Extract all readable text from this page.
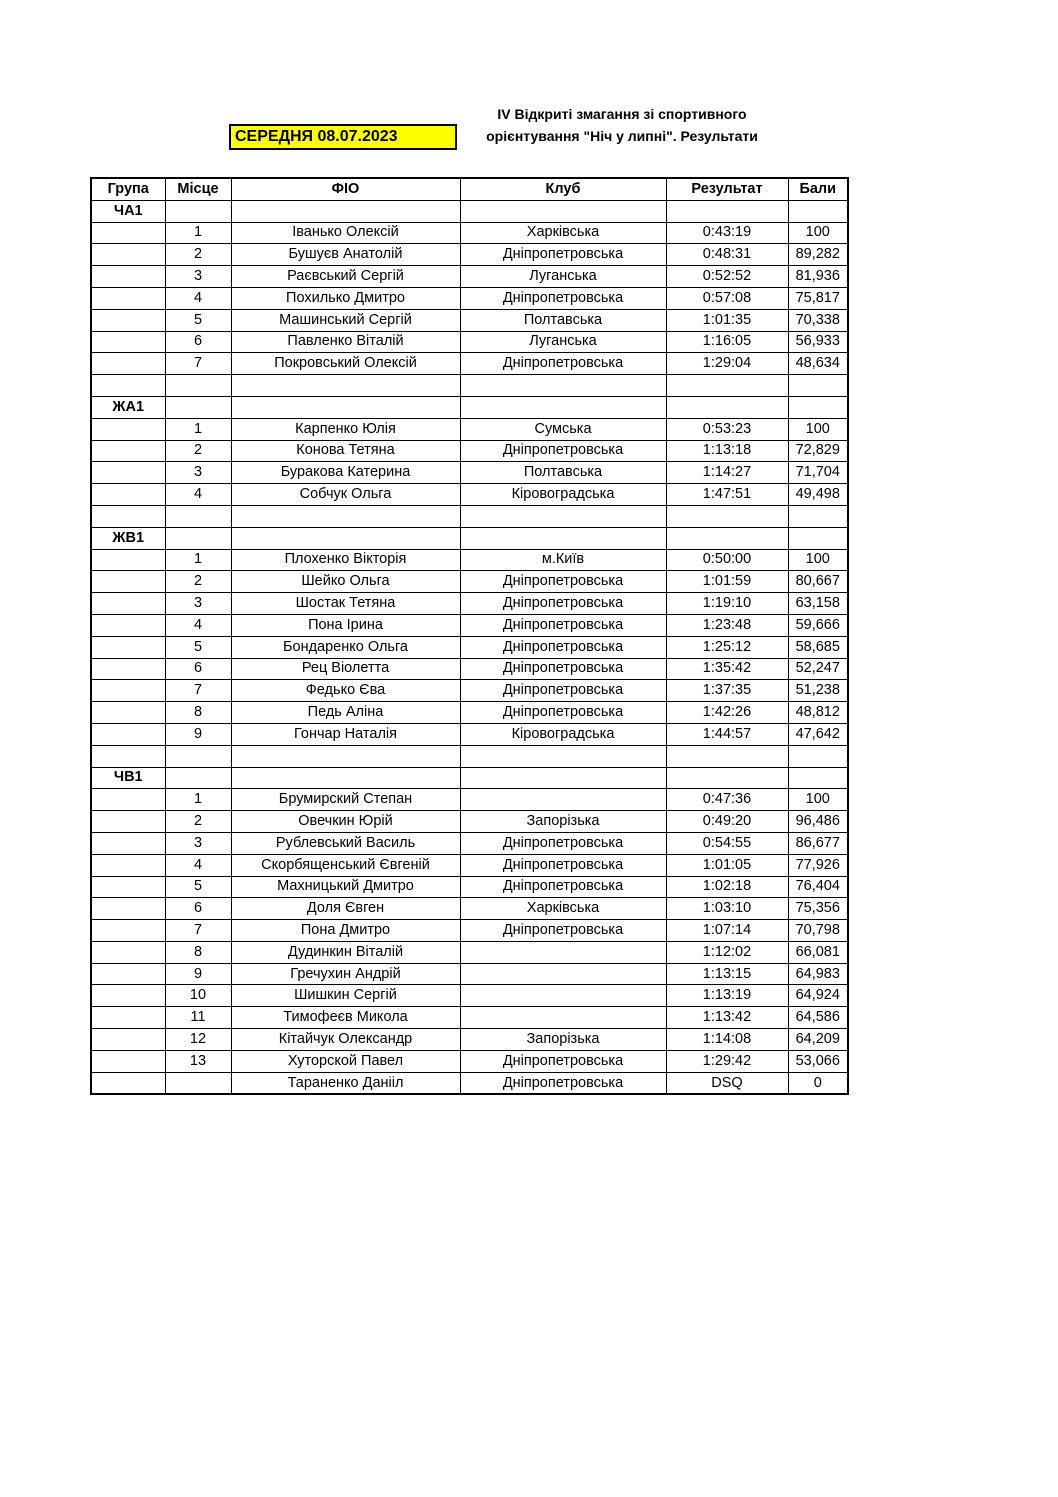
СЕРЕДНЯ 08.07.2023
IV Відкриті змагання зі спортивного
орієнтування "Ніч у липні". Результати
Група	Місце	ФІО	Клуб	Результат	Бали
ЧА1					
	1	Іванько Олексій	Харківська	0:43:19	100
	2	Бушуєв Анатолій	Дніпропетровська	0:48:31	89,282
	3	Раєвський Сергій	Луганська	0:52:52	81,936
	4	Похилько Дмитро	Дніпропетровська	0:57:08	75,817
	5	Машинський Сергій	Полтавська	1:01:35	70,338
	6	Павленко Віталій	Луганська	1:16:05	56,933
	7	Покровський Олексій	Дніпропетровська	1:29:04	48,634

ЖА1					
	1	Карпенко Юлія	Сумська	0:53:23	100
	2	Конова Тетяна	Дніпропетровська	1:13:18	72,829
	3	Буракова Катерина	Полтавська	1:14:27	71,704
	4	Собчук Ольга	Кіровоградська	1:47:51	49,498

ЖВ1					
	1	Плохенко Вікторія	м.Київ	0:50:00	100
	2	Шейко Ольга	Дніпропетровська	1:01:59	80,667
	3	Шостак Тетяна	Дніпропетровська	1:19:10	63,158
	4	Пона Ірина	Дніпропетровська	1:23:48	59,666
	5	Бондаренко Ольга	Дніпропетровська	1:25:12	58,685
	6	Рец Віолетта	Дніпропетровська	1:35:42	52,247
	7	Федько Єва	Дніпропетровська	1:37:35	51,238
	8	Педь Аліна	Дніпропетровська	1:42:26	48,812
	9	Гончар Наталія	Кіровоградська	1:44:57	47,642

ЧВ1					
	1	Брумирский Степан		0:47:36	100
	2	Овечкин Юрій	Запорізька	0:49:20	96,486
	3	Рублевський Василь	Дніпропетровська	0:54:55	86,677
	4	Скорбященський Євгеній	Дніпропетровська	1:01:05	77,926
	5	Махницький Дмитро	Дніпропетровська	1:02:18	76,404
	6	Доля Євген	Харківська	1:03:10	75,356
	7	Пона Дмитро	Дніпропетровська	1:07:14	70,798
	8	Дудинкин Віталій		1:12:02	66,081
	9	Гречухин Андрій		1:13:15	64,983
	10	Шишкин Сергій		1:13:19	64,924
	11	Тимофеєв Микола		1:13:42	64,586
	12	Кітайчук Олександр	Запорізька	1:14:08	64,209
	13	Хуторской Павел	Дніпропетровська	1:29:42	53,066
		Тараненко Данііл	Дніпропетровська	DSQ	0
